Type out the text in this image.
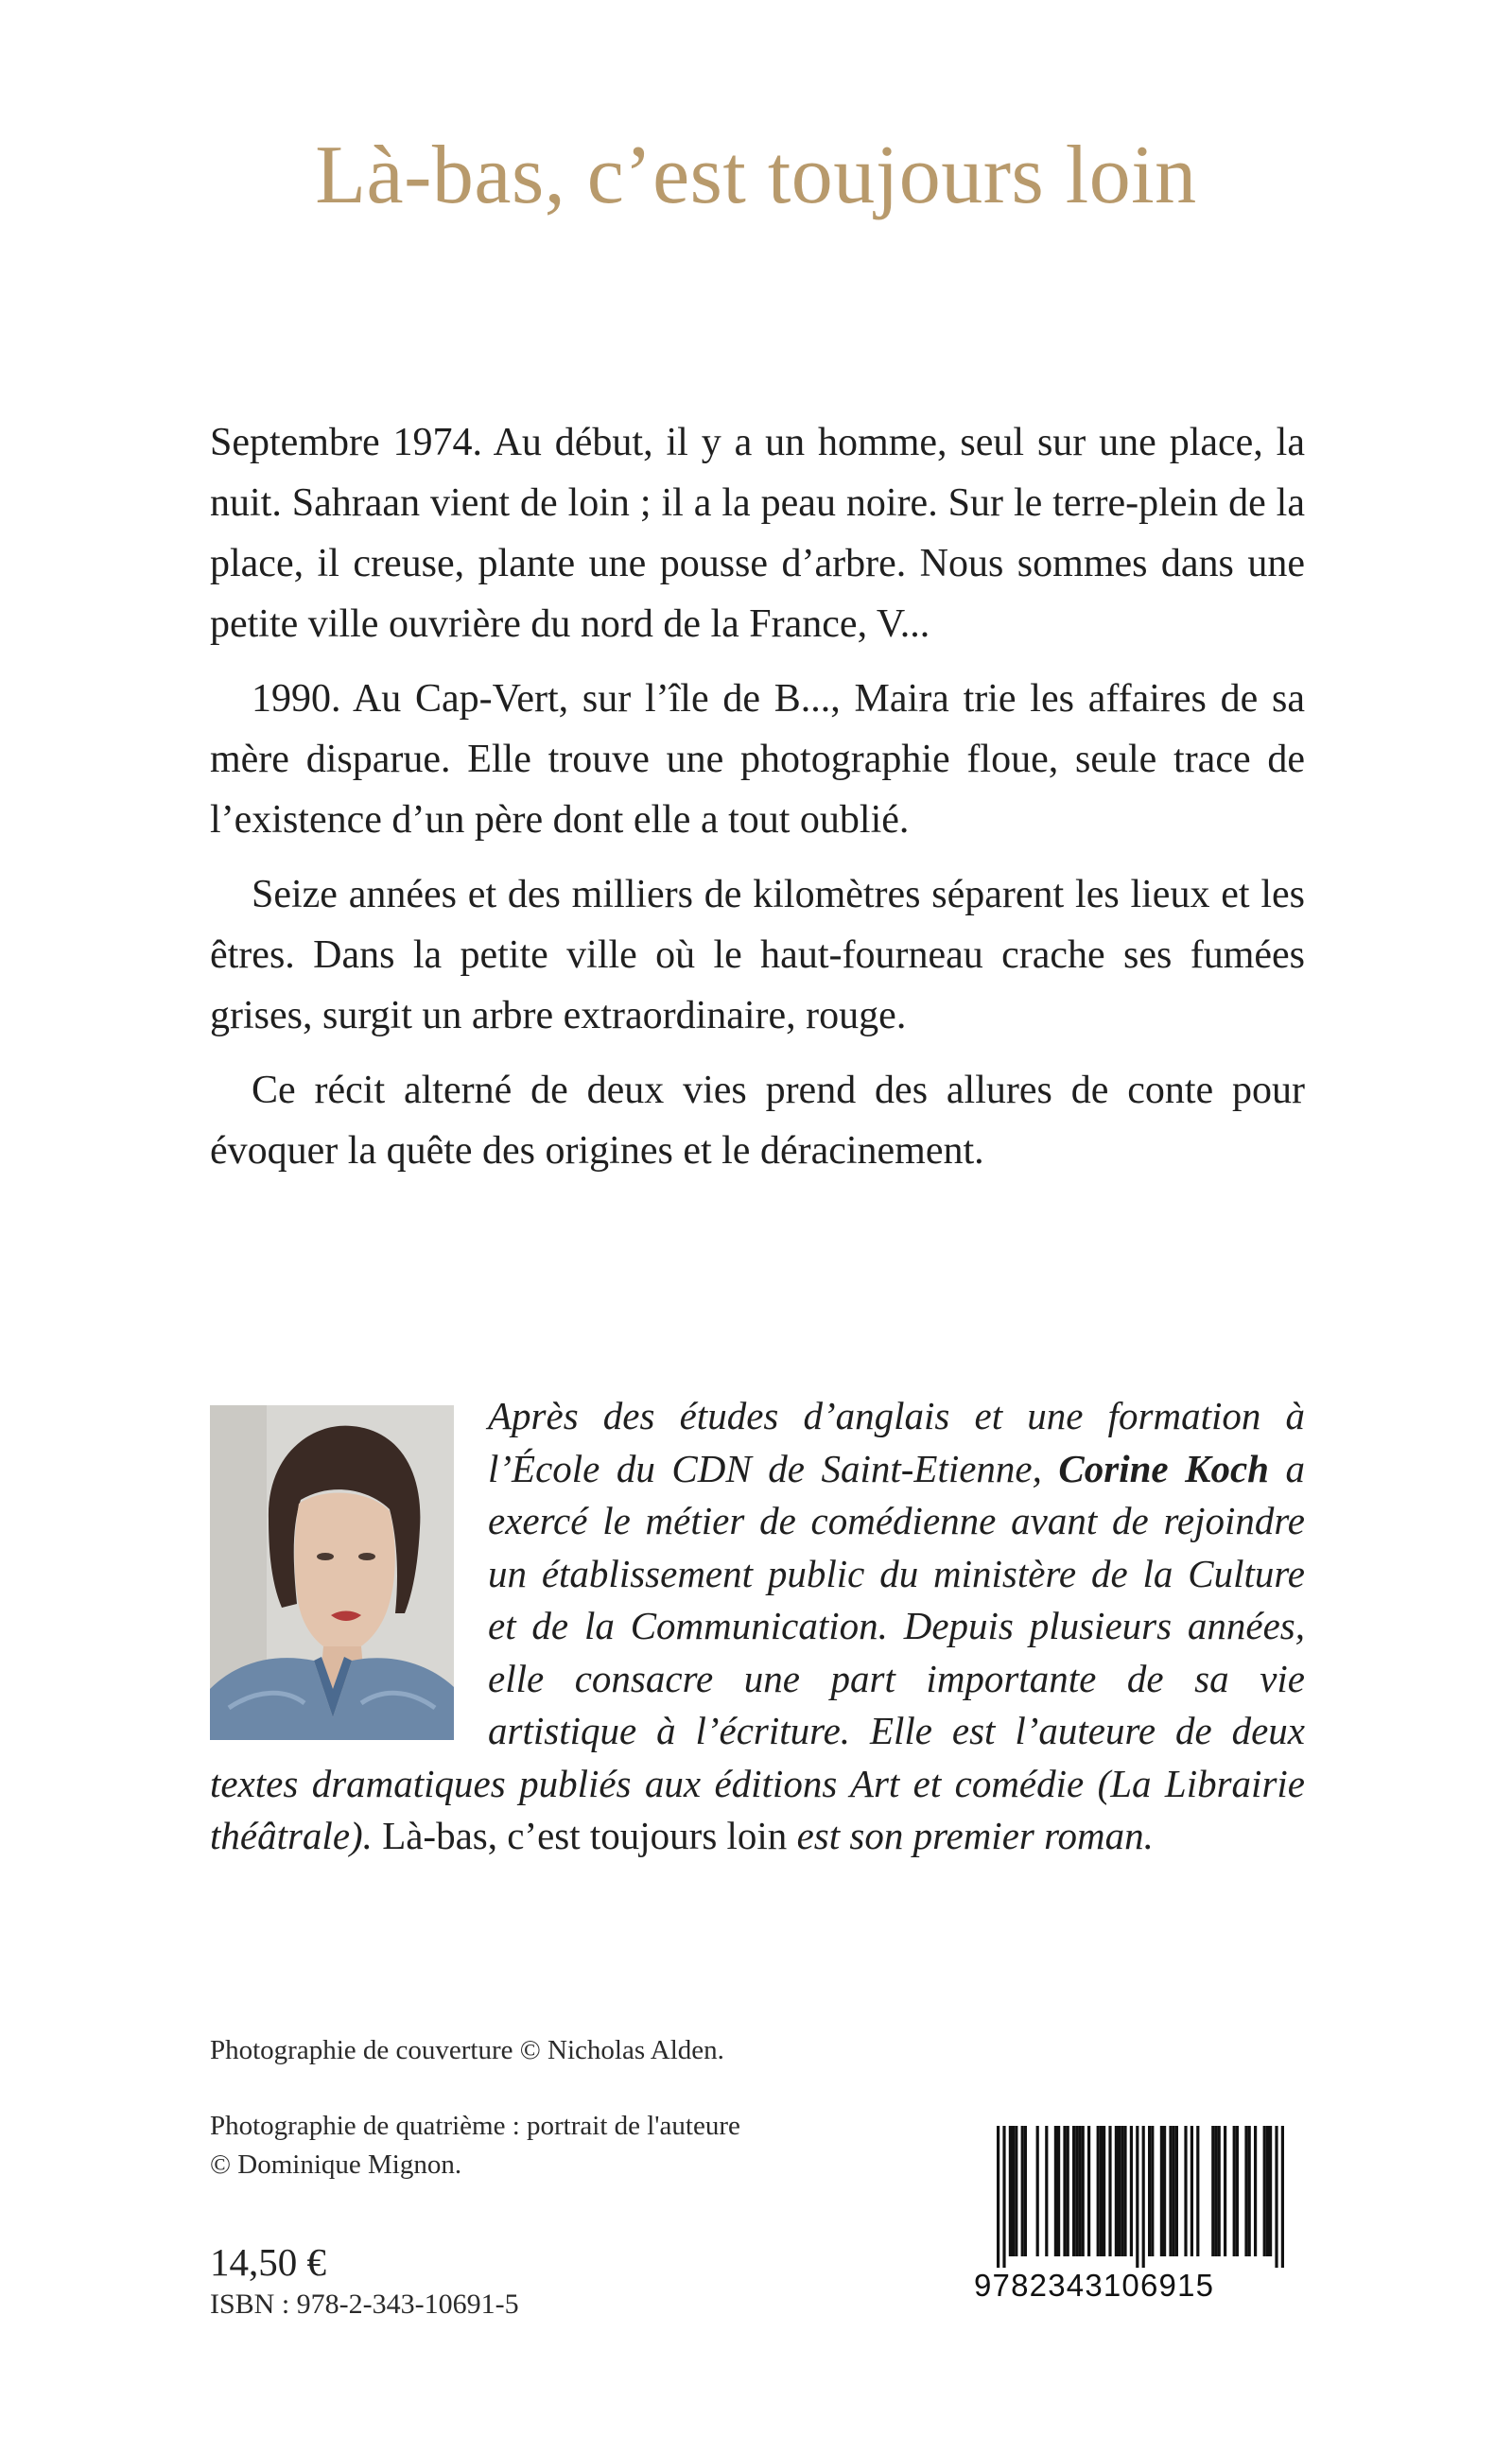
Là-bas, c’est toujours loin

Septembre 1974. Au début, il y a un homme, seul sur une place, la nuit. Sahraan vient de loin ; il a la peau noire. Sur le terre-plein de la place, il creuse, plante une pousse d’arbre. Nous sommes dans une petite ville ouvrière du nord de la France, V...

1990. Au Cap-Vert, sur l’île de B..., Maira trie les affaires de sa mère disparue. Elle trouve une photographie floue, seule trace de l’existence d’un père dont elle a tout oublié.

Seize années et des milliers de kilomètres séparent les lieux et les êtres. Dans la petite ville où le haut-fourneau crache ses fumées grises, surgit un arbre extraordinaire, rouge.

Ce récit alterné de deux vies prend des allures de conte pour évoquer la quête des origines et le déracinement.

Après des études d’anglais et une formation à l’École du CDN de Saint-Etienne, Corine Koch a exercé le métier de comédienne avant de rejoindre un établissement public du ministère de la Culture et de la Communication. Depuis plusieurs années, elle consacre une part importante de sa vie artistique à l’écriture. Elle est l’auteure de deux textes dramatiques publiés aux éditions Art et comédie (La Librairie théâtrale). Là-bas, c’est toujours loin est son premier roman.
Photographie de couverture © Nicholas Alden.
Photographie de quatrième : portrait de l'auteure
© Dominique Mignon.
14,50 €
ISBN : 978-2-343-10691-5
9782343106915
